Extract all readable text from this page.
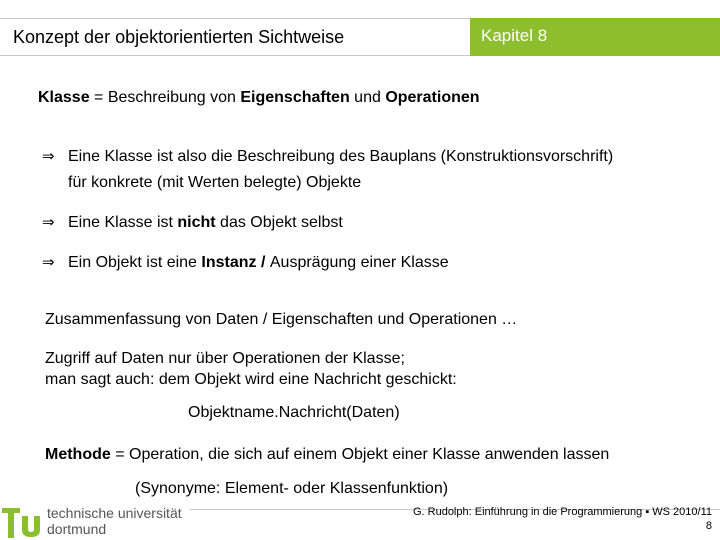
Konzept der objektorientierten Sichtweise	Kapitel 8
Klasse = Beschreibung von Eigenschaften und Operationen
⇒ Eine Klasse ist also die Beschreibung des Bauplans (Konstruktionsvorschrift)
für konkrete (mit Werten belegte) Objekte
⇒ Eine Klasse ist nicht das Objekt selbst
⇒ Ein Objekt ist eine Instanz / Ausprägung einer Klasse
Zusammenfassung von Daten / Eigenschaften und Operationen …
Zugriff auf Daten nur über Operationen der Klasse;
man sagt auch: dem Objekt wird eine Nachricht geschickt:
Objektname.Nachricht(Daten)
Methode = Operation, die sich auf einem Objekt einer Klasse anwenden lassen
(Synonyme: Element- oder Klassenfunktion)
technische universität
dortmund
G. Rudolph: Einführung in die Programmierung ▪ WS 2010/11
8
